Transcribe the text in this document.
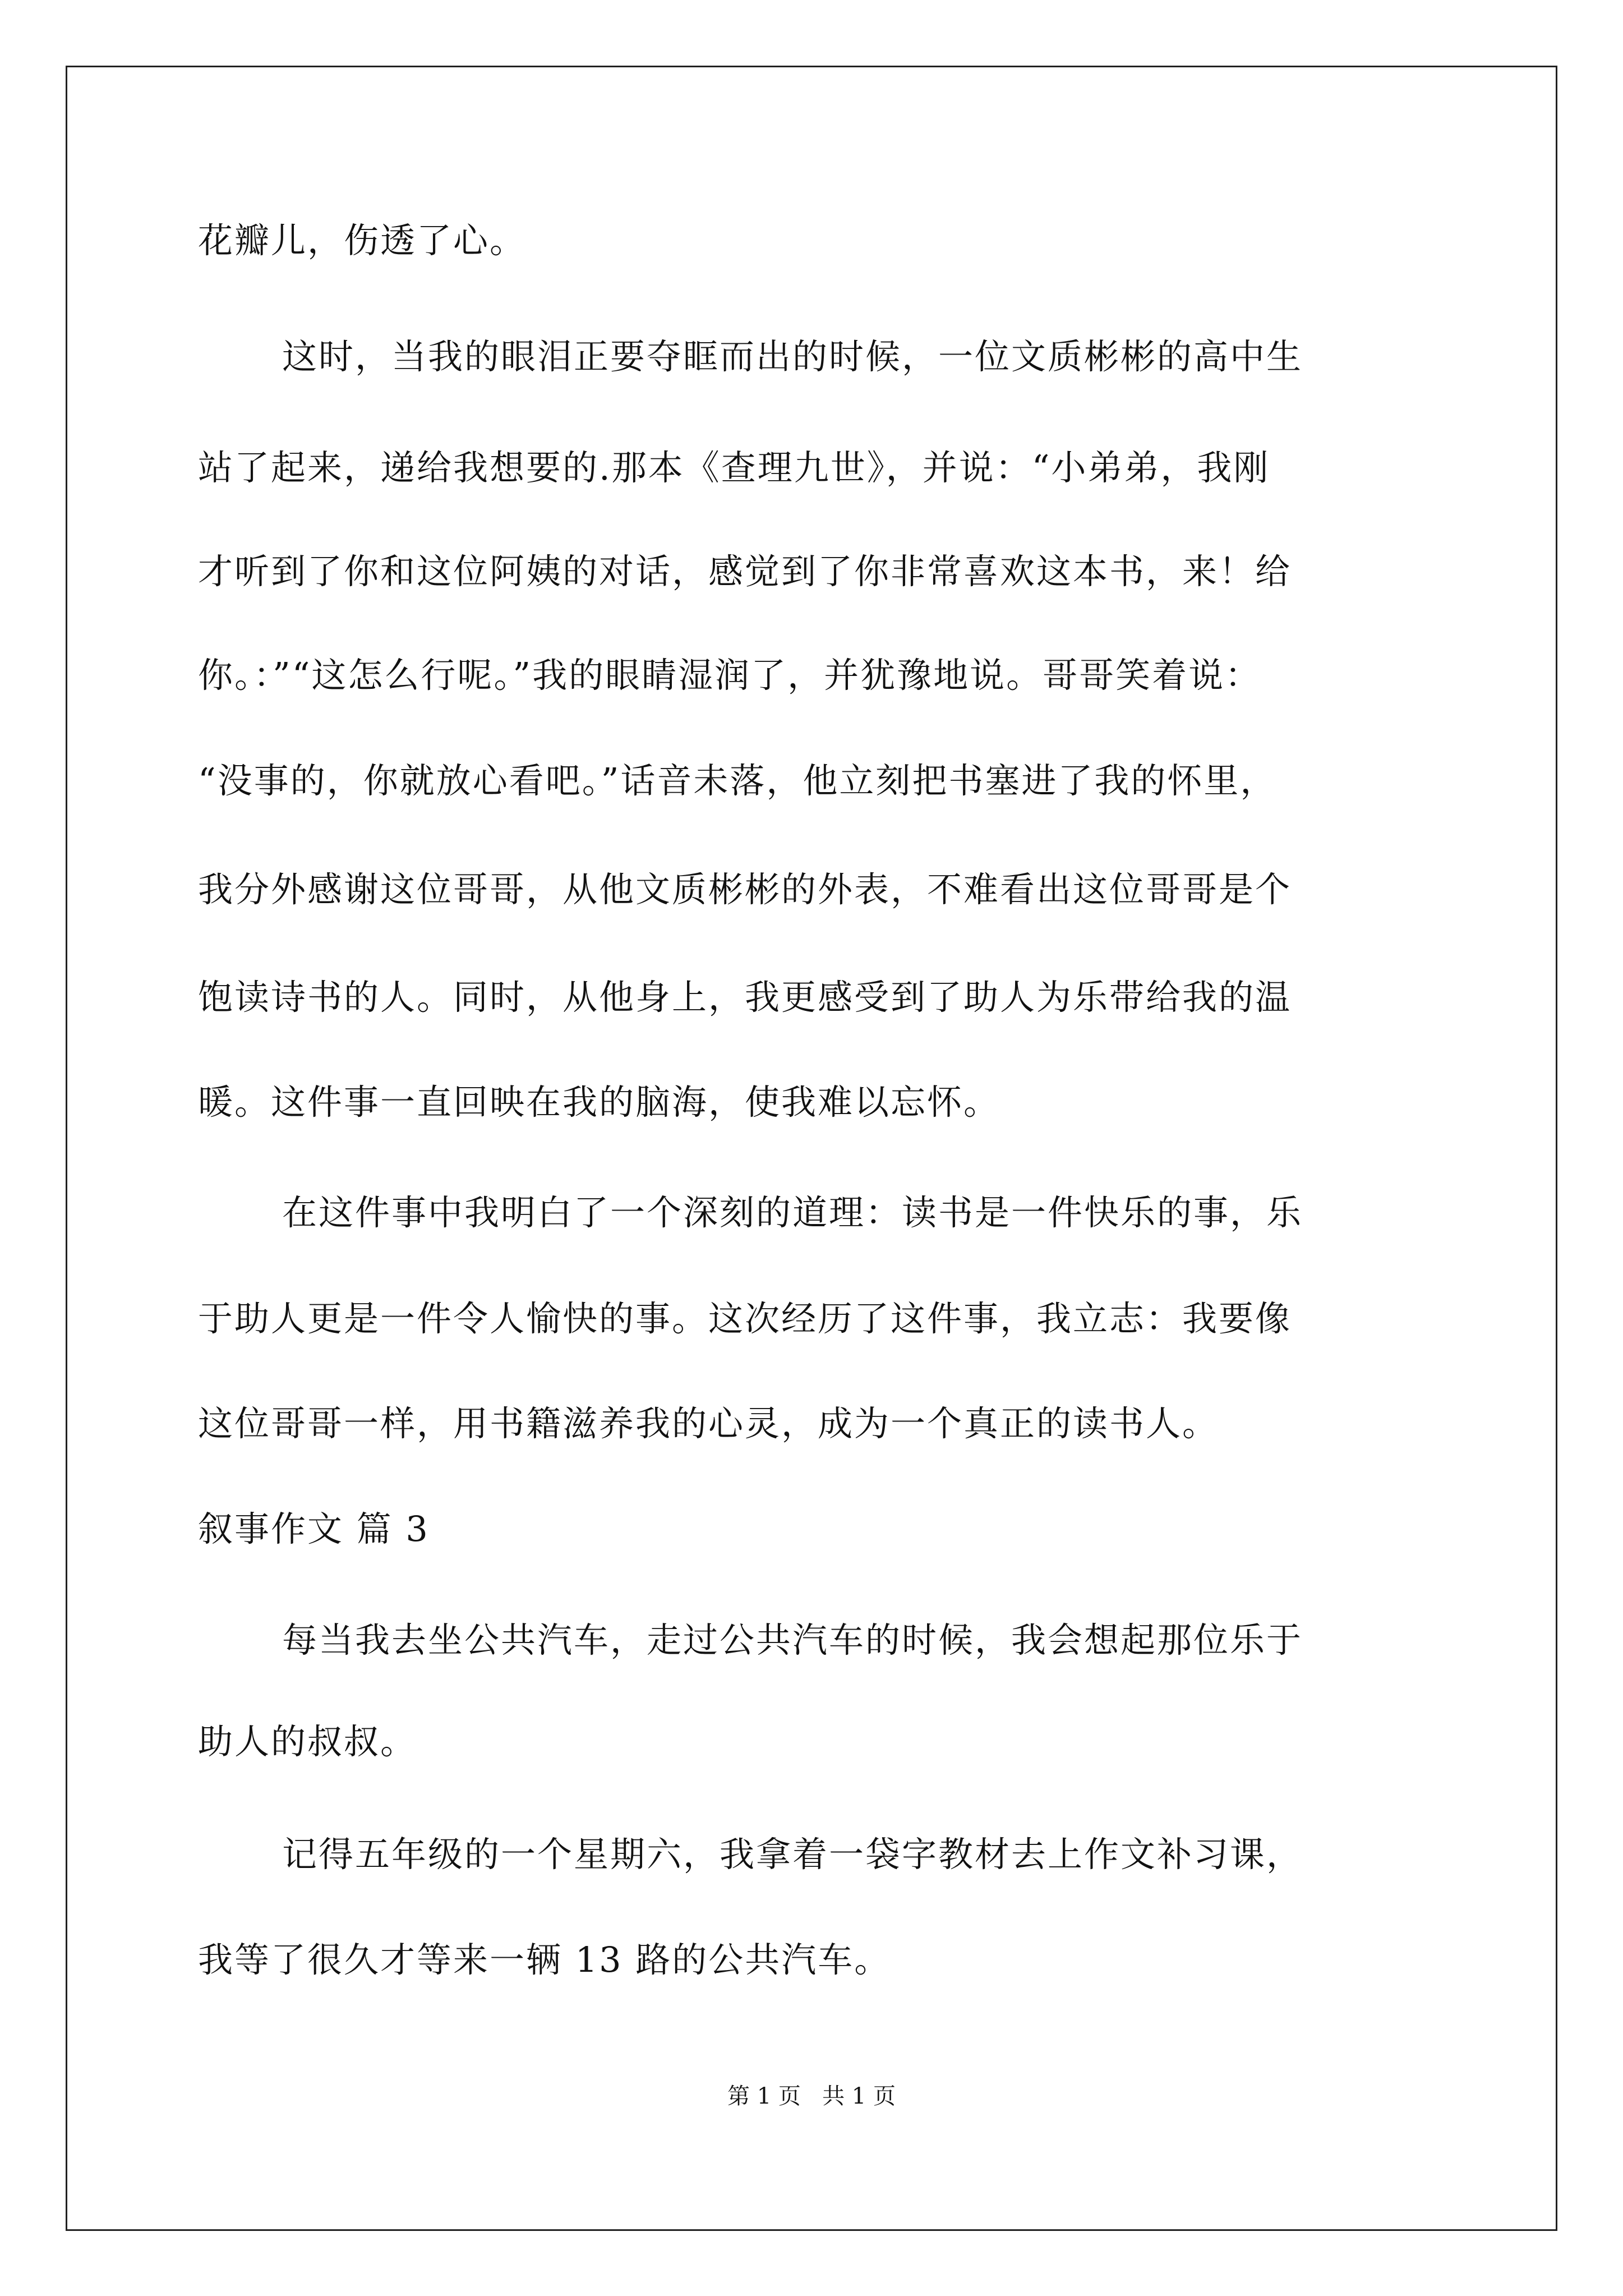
花瓣儿，伤透了心。
这时，当我的眼泪正要夺眶而出的时候，一位文质彬彬的高中生
站了起来，递给我想要的.那本《查理九世》，并说：“小弟弟，我刚
才听到了你和这位阿姨的对话，感觉到了你非常喜欢这本书，来！给
你。：”“这怎么行呢。”我的眼睛湿润了，并犹豫地说。哥哥笑着说：
“没事的，你就放心看吧。”话音未落，他立刻把书塞进了我的怀里，
我分外感谢这位哥哥，从他文质彬彬的外表，不难看出这位哥哥是个
饱读诗书的人。同时，从他身上，我更感受到了助人为乐带给我的温
暖。这件事一直回映在我的脑海，使我难以忘怀。
在这件事中我明白了一个深刻的道理：读书是一件快乐的事，乐
于助人更是一件令人愉快的事。这次经历了这件事，我立志：我要像
这位哥哥一样，用书籍滋养我的心灵，成为一个真正的读书人。
叙事作文 篇 3
每当我去坐公共汽车，走过公共汽车的时候，我会想起那位乐于
助人的叔叔。
记得五年级的一个星期六，我拿着一袋字教材去上作文补习课，
我等了很久才等来一辆 13 路的公共汽车。
第 1 页   共 1 页
